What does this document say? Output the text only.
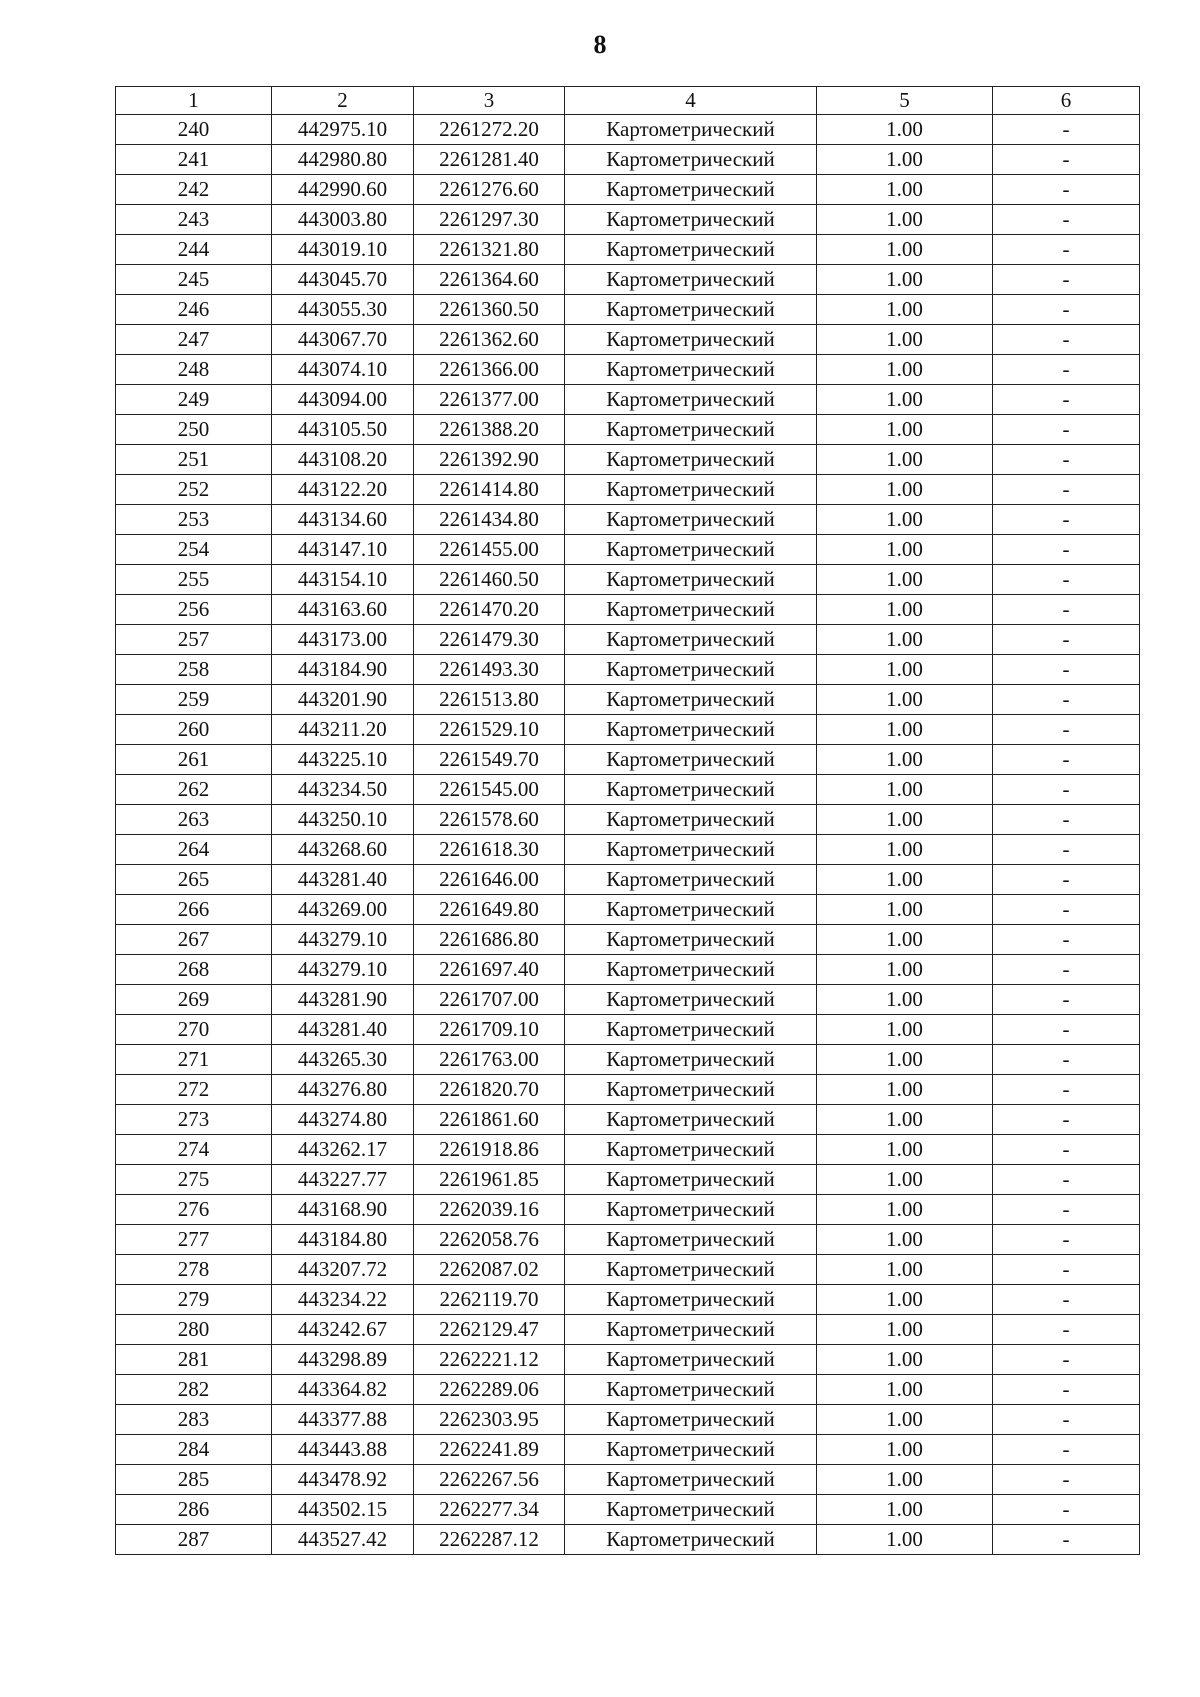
8
1	2	3	4	5	6
240	442975.10	2261272.20	Картометрический	1.00	-
241	442980.80	2261281.40	Картометрический	1.00	-
242	442990.60	2261276.60	Картометрический	1.00	-
243	443003.80	2261297.30	Картометрический	1.00	-
244	443019.10	2261321.80	Картометрический	1.00	-
245	443045.70	2261364.60	Картометрический	1.00	-
246	443055.30	2261360.50	Картометрический	1.00	-
247	443067.70	2261362.60	Картометрический	1.00	-
248	443074.10	2261366.00	Картометрический	1.00	-
249	443094.00	2261377.00	Картометрический	1.00	-
250	443105.50	2261388.20	Картометрический	1.00	-
251	443108.20	2261392.90	Картометрический	1.00	-
252	443122.20	2261414.80	Картометрический	1.00	-
253	443134.60	2261434.80	Картометрический	1.00	-
254	443147.10	2261455.00	Картометрический	1.00	-
255	443154.10	2261460.50	Картометрический	1.00	-
256	443163.60	2261470.20	Картометрический	1.00	-
257	443173.00	2261479.30	Картометрический	1.00	-
258	443184.90	2261493.30	Картометрический	1.00	-
259	443201.90	2261513.80	Картометрический	1.00	-
260	443211.20	2261529.10	Картометрический	1.00	-
261	443225.10	2261549.70	Картометрический	1.00	-
262	443234.50	2261545.00	Картометрический	1.00	-
263	443250.10	2261578.60	Картометрический	1.00	-
264	443268.60	2261618.30	Картометрический	1.00	-
265	443281.40	2261646.00	Картометрический	1.00	-
266	443269.00	2261649.80	Картометрический	1.00	-
267	443279.10	2261686.80	Картометрический	1.00	-
268	443279.10	2261697.40	Картометрический	1.00	-
269	443281.90	2261707.00	Картометрический	1.00	-
270	443281.40	2261709.10	Картометрический	1.00	-
271	443265.30	2261763.00	Картометрический	1.00	-
272	443276.80	2261820.70	Картометрический	1.00	-
273	443274.80	2261861.60	Картометрический	1.00	-
274	443262.17	2261918.86	Картометрический	1.00	-
275	443227.77	2261961.85	Картометрический	1.00	-
276	443168.90	2262039.16	Картометрический	1.00	-
277	443184.80	2262058.76	Картометрический	1.00	-
278	443207.72	2262087.02	Картометрический	1.00	-
279	443234.22	2262119.70	Картометрический	1.00	-
280	443242.67	2262129.47	Картометрический	1.00	-
281	443298.89	2262221.12	Картометрический	1.00	-
282	443364.82	2262289.06	Картометрический	1.00	-
283	443377.88	2262303.95	Картометрический	1.00	-
284	443443.88	2262241.89	Картометрический	1.00	-
285	443478.92	2262267.56	Картометрический	1.00	-
286	443502.15	2262277.34	Картометрический	1.00	-
287	443527.42	2262287.12	Картометрический	1.00	-
